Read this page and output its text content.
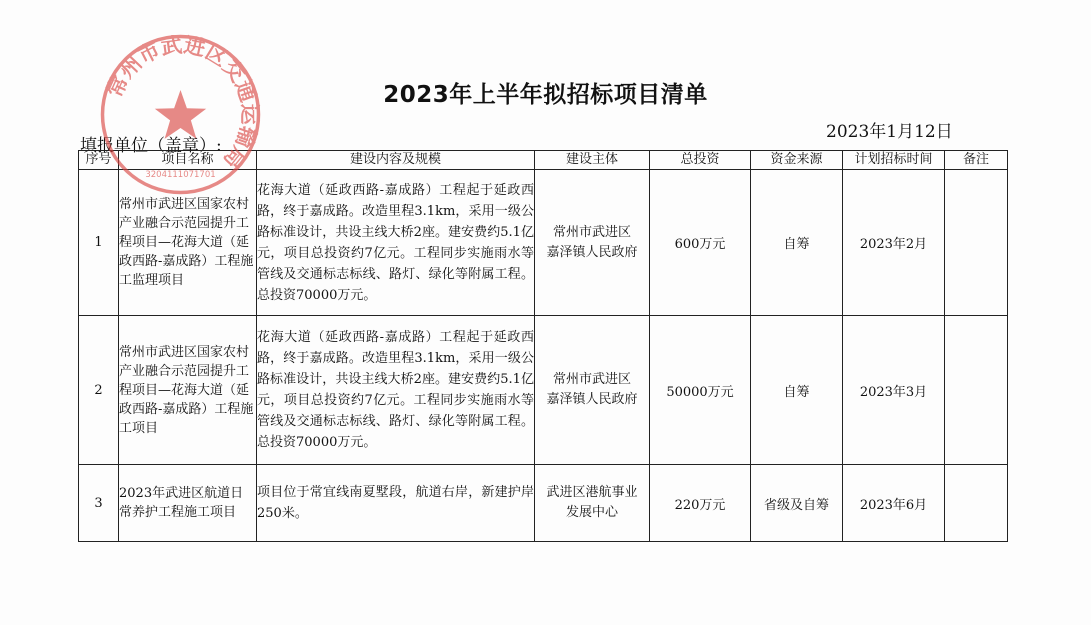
2023年上半年拟招标项目清单
2023年1月12日
填报单位（盖章）:
序号	项目名称	建设内容及规模	建设主体	总投资	资金来源	计划招标时间	备注
1	常州市武进区国家农村产业融合示范园提升工程项目—花海大道（延政西路-嘉成路）工程施工监理项目	花海大道（延政西路-嘉成路）工程起于延政西路，终于嘉成路。改造里程3.1km，采用一级公路标准设计，共设主线大桥2座。建安费约5.1亿元，项目总投资约7亿元。工程同步实施雨水等管线及交通标志标线、路灯、绿化等附属工程。总投资70000万元。	常州市武进区
嘉泽镇人民政府	600万元	自筹	2023年2月	
2	常州市武进区国家农村产业融合示范园提升工程项目—花海大道（延政西路-嘉成路）工程施工项目	花海大道（延政西路-嘉成路）工程起于延政西路，终于嘉成路。改造里程3.1km，采用一级公路标准设计，共设主线大桥2座。建安费约5.1亿元，项目总投资约7亿元。工程同步实施雨水等管线及交通标志标线、路灯、绿化等附属工程。总投资70000万元。	常州市武进区
嘉泽镇人民政府	50000万元	自筹	2023年3月	
3	2023年武进区航道日常养护工程施工项目	项目位于常宜线南夏墅段，航道右岸，新建护岸250米。	武进区港航事业
发展中心	220万元	省级及自筹	2023年6月	
常州市武进区交通运输局
3204111071701
